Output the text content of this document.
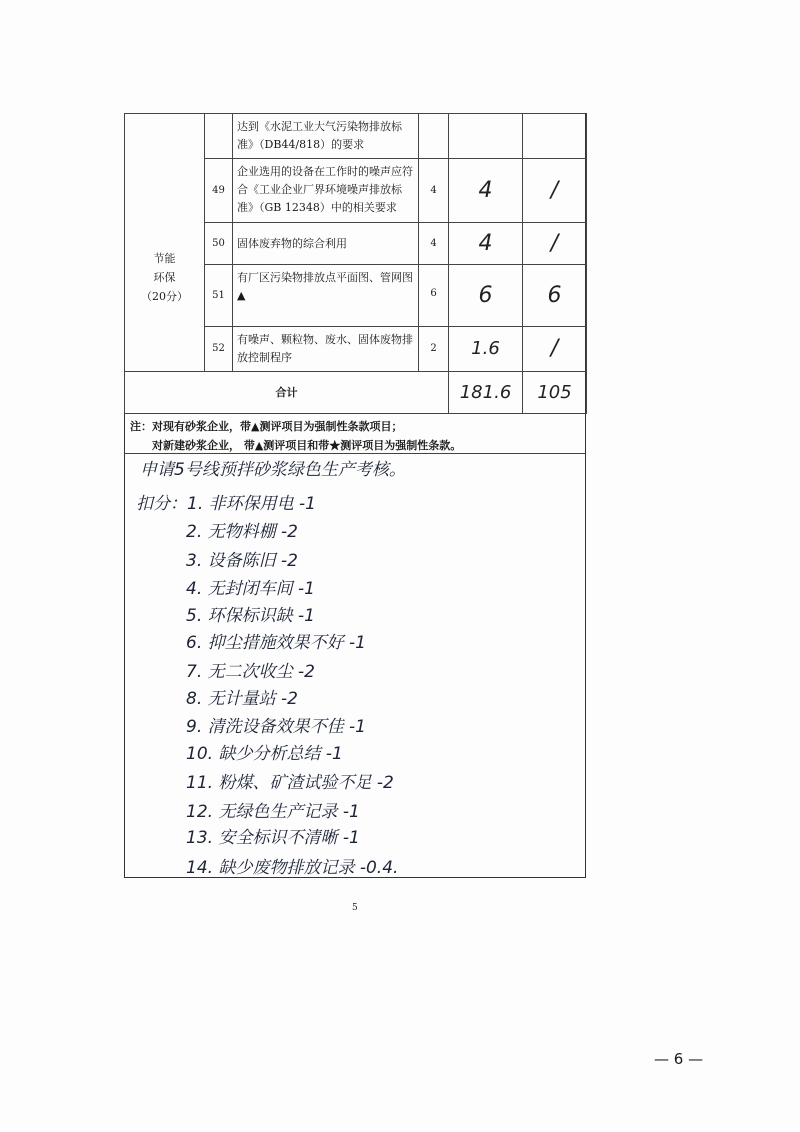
节能
环保
（20分）		达到《水泥工业大气污染物排放标准》（DB44/818）的要求			
	49	企业选用的设备在工作时的噪声应符合《工业企业厂界环境噪声排放标准》（GB 12348）中的相关要求	4	4	/
	50	固体废弃物的综合利用	4	4	/
	51	有厂区污染物排放点平面图、管网图▲	6	6	6
	52	有噪声、颗粒物、废水、固体废物排放控制程序	2	1.6	/
合计				181.6	105
注：对现有砂浆企业，带▲测评项目为强制性条款项目；
对新建砂浆企业， 带▲测评项目和带★测评项目为强制性条款。
申请5号线预拌砂浆绿色生产考核。
扣分：1. 非环保用电 -1
2. 无物料棚 -2
3. 设备陈旧 -2
4. 无封闭车间 -1
5. 环保标识缺 -1
6. 抑尘措施效果不好 -1
7. 无二次收尘 -2
8. 无计量站 -2
9. 清洗设备效果不佳 -1
10. 缺少分析总结 -1
11. 粉煤、矿渣试验不足 -2
12. 无绿色生产记录 -1
13. 安全标识不清晰 -1
14. 缺少废物排放记录 -0.4.
5
— 6 —
